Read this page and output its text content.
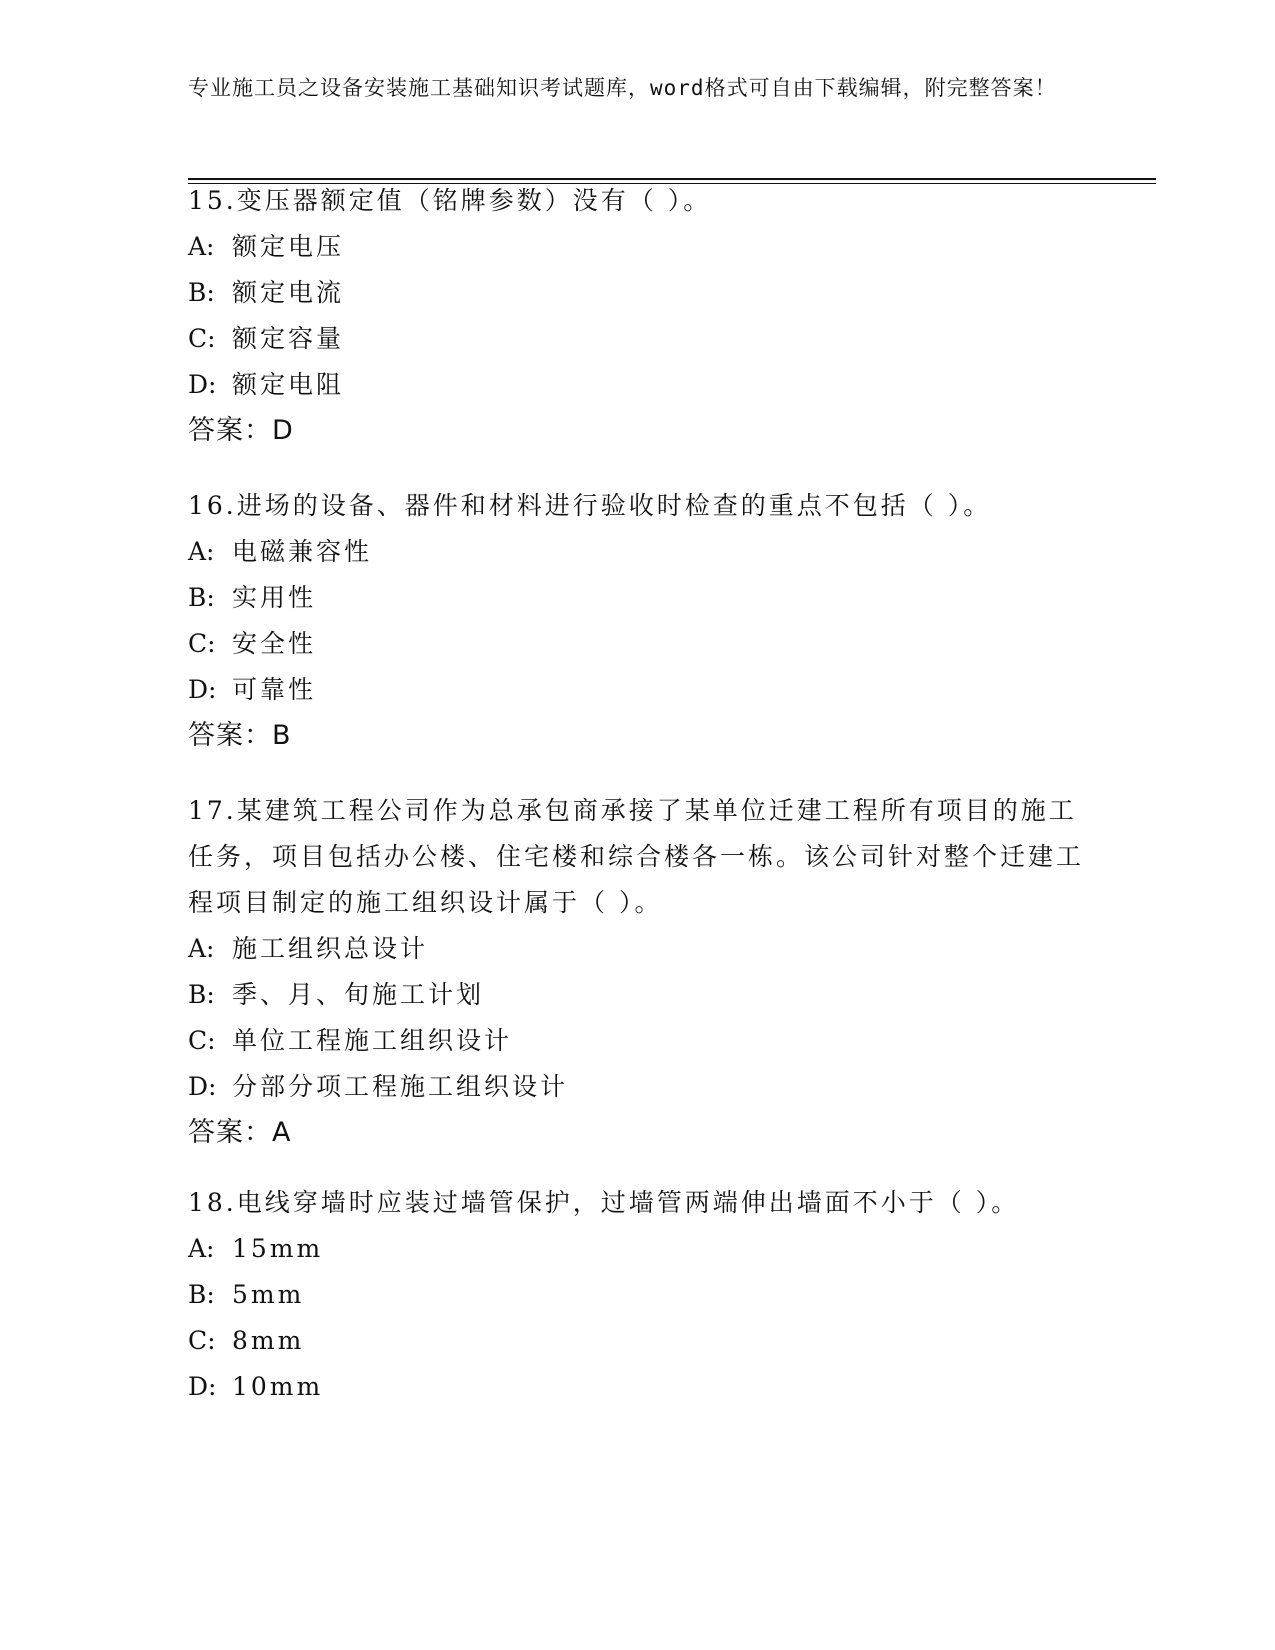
专业施工员之设备安装施工基础知识考试题库，word格式可自由下载编辑，附完整答案！

15.变压器额定值（铭牌参数）没有（ ）。

A: 额定电压

B: 额定电流

C: 额定容量

D: 额定电阻

答案：D

16.进场的设备、器件和材料进行验收时检查的重点不包括（ ）。

A: 电磁兼容性

B: 实用性

C: 安全性

D: 可靠性

答案：B

17.某建筑工程公司作为总承包商承接了某单位迁建工程所有项目的施工任务，项目包括办公楼、住宅楼和综合楼各一栋。该公司针对整个迁建工程项目制定的施工组织设计属于（ ）。

A: 施工组织总设计

B: 季、月、旬施工计划

C: 单位工程施工组织设计

D: 分部分项工程施工组织设计

答案：A

18.电线穿墙时应装过墙管保护，过墙管两端伸出墙面不小于（ ）。

A: 15mm

B: 5mm

C: 8mm

D: 10mm
